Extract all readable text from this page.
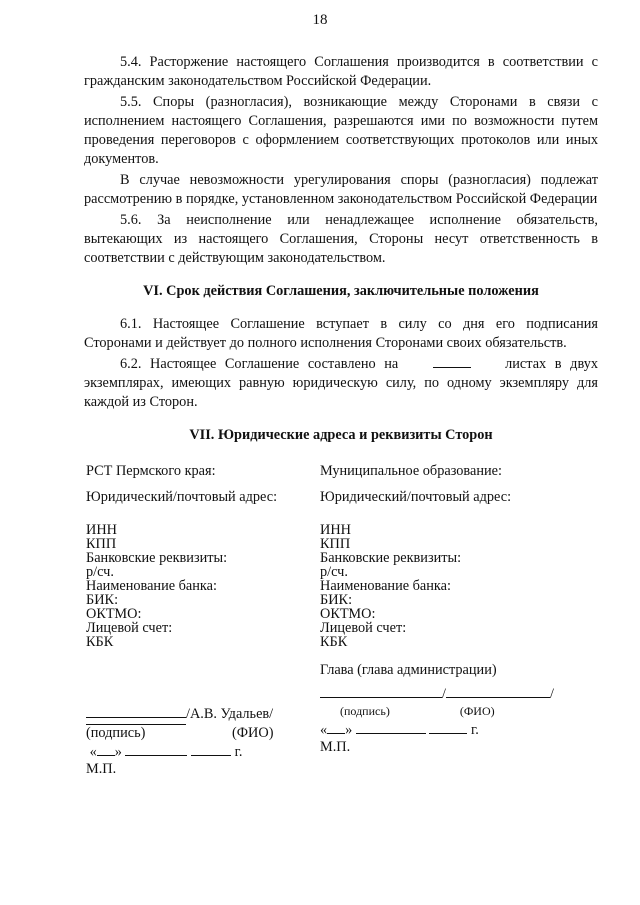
18

5.4. Расторжение настоящего Соглашения производится в соответствии с гражданским законодательством Российской Федерации.

5.5. Споры (разногласия), возникающие между Сторонами в связи с исполнением настоящего Соглашения, разрешаются ими по возможности путем проведения переговоров с оформлением соответствующих протоколов или иных документов.

В случае невозможности урегулирования споры (разногласия) подлежат рассмотрению в порядке, установленном законодательством Российской Федерации

5.6. За неисполнение или ненадлежащее исполнение обязательств, вытекающих из настоящего Соглашения, Стороны несут ответственность в соответствии с действующим законодательством.

VI. Срок действия Соглашения, заключительные положения

6.1. Настоящее Соглашение вступает в силу со дня его подписания Сторонами и действует до полного исполнения Сторонами своих обязательств.

6.2. Настоящее Соглашение составлено на	листах в двух экземплярах, имеющих равную юридическую силу, по одному экземпляру для каждой из Сторон.

VII. Юридические адреса и реквизиты Сторон

РСТ Пермского края:
Юридический/почтовый адрес:
ИНН
КПП
Банковские реквизиты:
р/сч.
Наименование банка:
БИК:
ОКТМО:
Лицевой счет:
КБК
Муниципальное образование:
Юридический/почтовый адрес:
ИНН
КПП
Банковские реквизиты:
р/сч.
Наименование банка:
БИК:
ОКТМО:
Лицевой счет:
КБК
Глава (глава администрации)
/А.В. Удальев/
(подпись)	(ФИО)
« »	г.
М.П.
/	/
(подпись)	(ФИО)
« »	г.
М.П.
